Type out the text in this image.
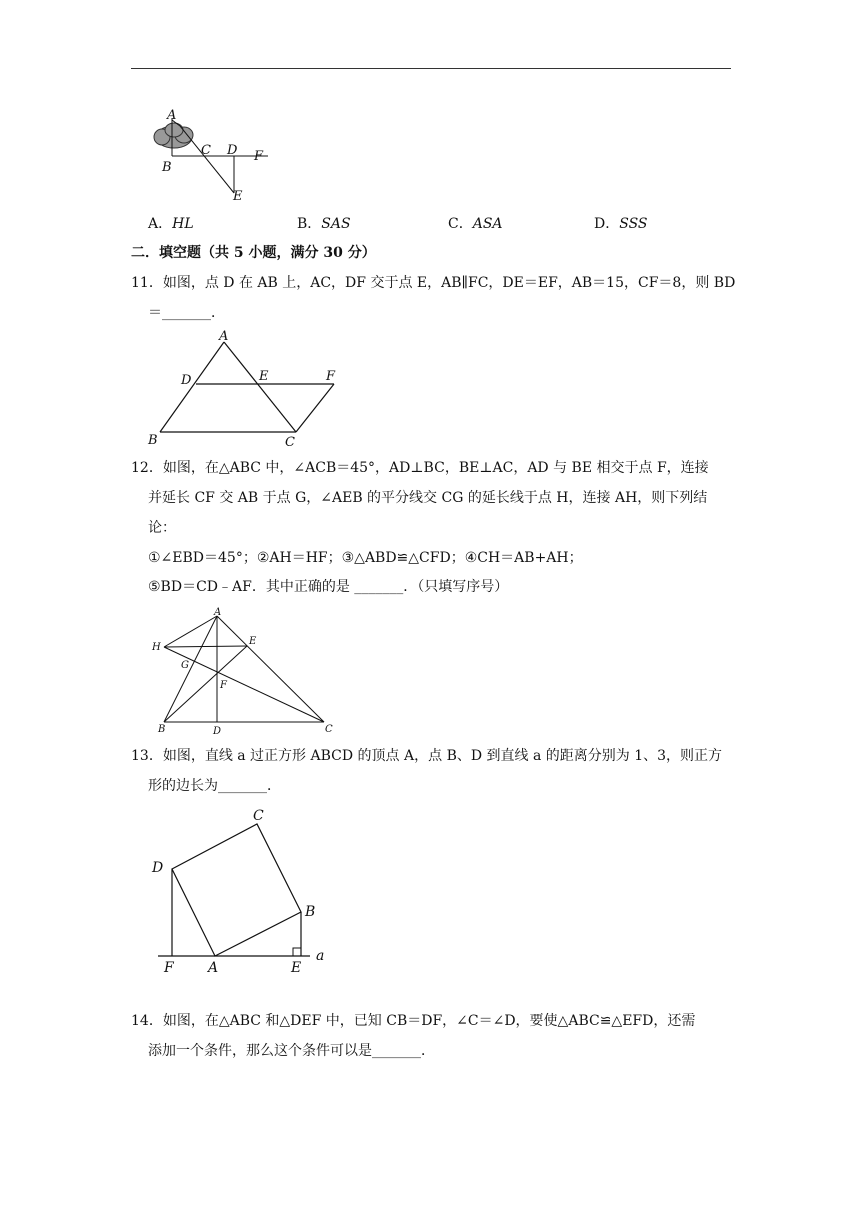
A
B
C D F
E
A．HL	B．SAS	C．ASA	D．SSS
二．填空题（共 5 小题，满分 30 分）
11．如图，点 D 在 AB 上，AC，DF 交于点 E，AB∥FC，DE＝EF，AB＝15，CF＝8，则 BD
＝_______．
A
D	E	F
B	C
12．如图，在△ABC 中，∠ACB＝45°，AD⊥BC，BE⊥AC，AD 与 BE 相交于点 F，连接
并延长 CF 交 AB 于点 G，∠AEB 的平分线交 CG 的延长线于点 H，连接 AH，则下列结
论：
①∠EBD＝45°；②AH＝HF；③△ABD≌△CFD；④CH＝AB+AH；
⑤BD＝CD﹣AF．其中正确的是 _______．（只填写序号）
A
H
E
G
F
B	D	C
13．如图，直线 a 过正方形 ABCD 的顶点 A，点 B、D 到直线 a 的距离分别为 1、3，则正方
形的边长为_______．
C
D
B
F A	E
a
14．如图，在△ABC 和△DEF 中，已知 CB＝DF，∠C＝∠D，要使△ABC≌△EFD，还需
添加一个条件，那么这个条件可以是_______．
